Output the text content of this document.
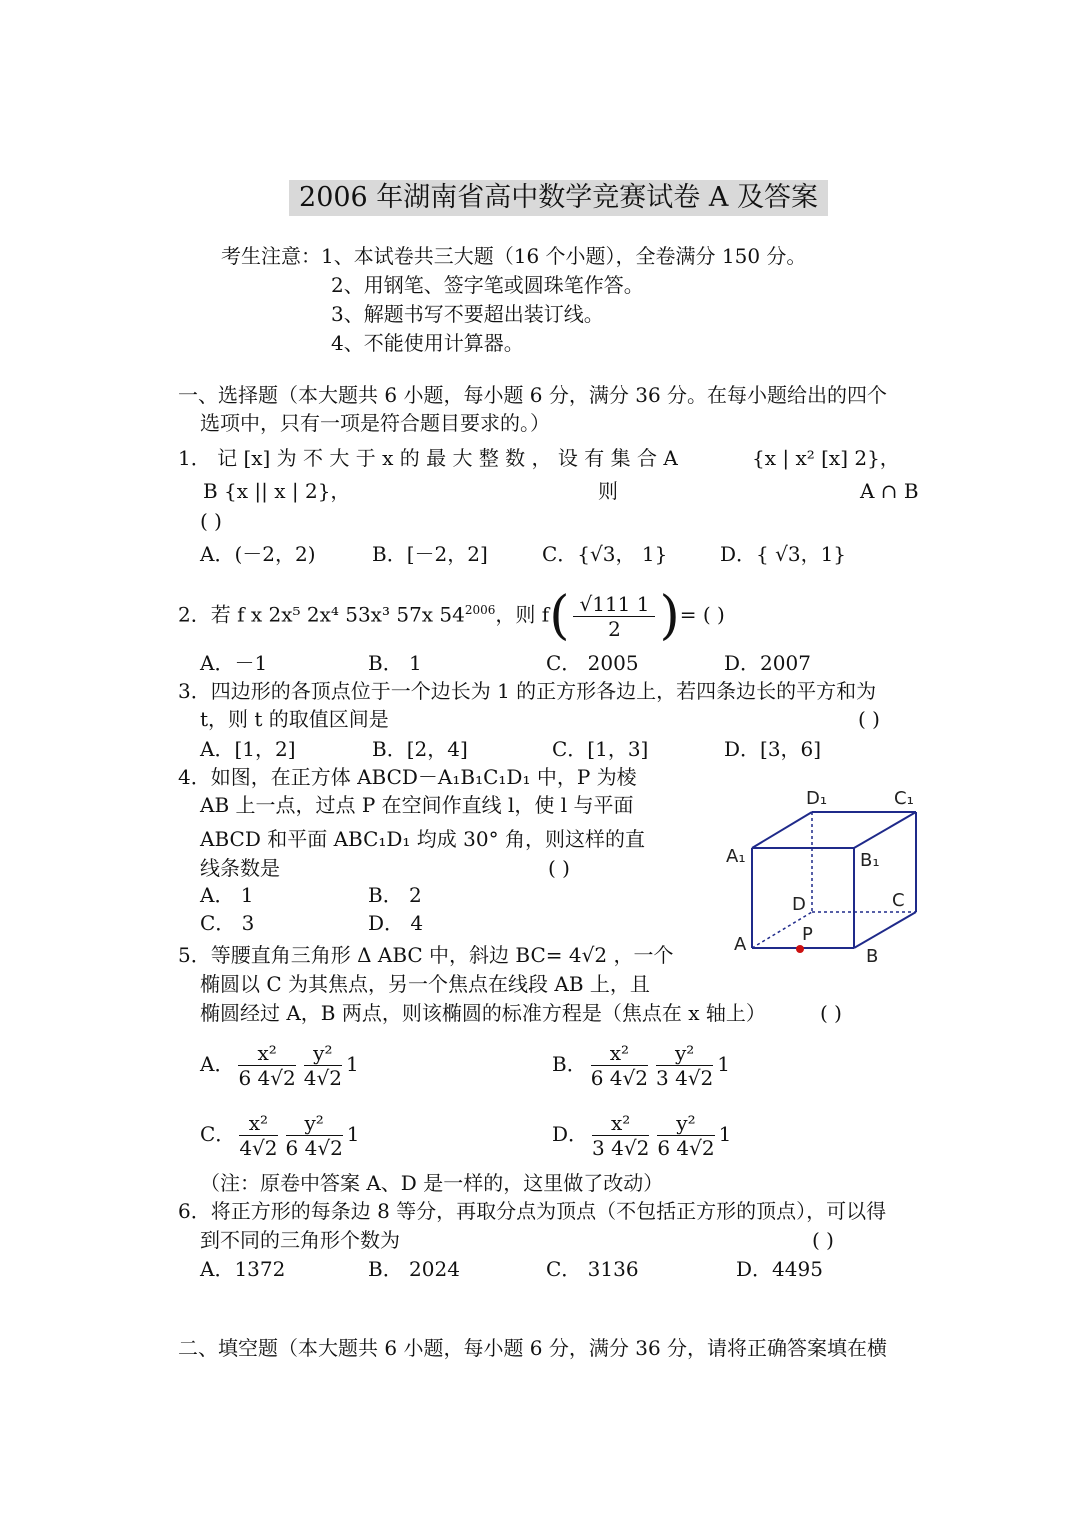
2006 年湖南省高中数学竞赛试卷 A 及答案
考生注意：1、本试卷共三大题（16 个小题），全卷满分 150 分。
2、用钢笔、签字笔或圆珠笔作答。
3、解题书写不要超出装订线。
4、不能使用计算器。
一、选择题（本大题共 6 小题，每小题 6 分，满分 36 分。在每小题给出的四个
选项中，只有一项是符合题目要求的。）
1． 记 [x] 为 不 大 于 x 的 最 大 整 数 ， 设 有 集 合 A	{x | x² [x] 2}，
B {x || x | 2}，	则	A ∩ B
( )
A．(－2，2)	B．[－2，2]	C．{√3， 1}	D．{ √3，1}
2．若 f x 2x⁵ 2x⁴ 53x³ 57x $54^{2006}$，则 $f( \frac{√111 1}{2}$ )= ( )
A．－1	B． 1	C． 2005	D．2007
3．四边形的各顶点位于一个边长为 1 的正方形各边上，若四条边长的平方和为
t，则 t 的取值区间是	( )
A．[1，2]	B．[2，4]	C．[1，3]	D．[3，6]
4．如图，在正方体 ABCD－A₁B₁C₁D₁ 中，P 为棱
AB 上一点，过点 P 在空间作直线 l，使 l 与平面
ABCD 和平面 ABC₁D₁ 均成 30° 角，则这样的直
线条数是	( )
A． 1	B． 2
C． 3	D． 4
D₁	C₁
A₁	B₁
D	C
A	P
B
5．等腰直角三角形 Δ ABC 中，斜边 BC= 4√2 ，一个
椭圆以 C 为其焦点，另一个焦点在线段 AB 上，且
椭圆经过 A，B 两点，则该椭圆的标准方程是（焦点在 x 轴上）	( )
A． $\frac{\text{x²}}{6 4√2} \frac{\text{y²}}{4√2} 1$	B． $\frac{\text{x²}}{6 4√2} \frac{\text{y²}}{3 4√2} 1$
C． $\frac{\text{x²}}{4√2} \frac{\text{y²}}{6 4√2} 1$	D． $\frac{\text{x²}}{3 4√2} \frac{\text{y²}}{6 4√2} 1$
（注：原卷中答案 A、D 是一样的，这里做了改动）
6．将正方形的每条边 8 等分，再取分点为顶点（不包括正方形的顶点），可以得
到不同的三角形个数为	( )
A．1372	B． 2024	C． 3136	D．4495
二、填空题（本大题共 6 小题，每小题 6 分，满分 36 分，请将正确答案填在横
